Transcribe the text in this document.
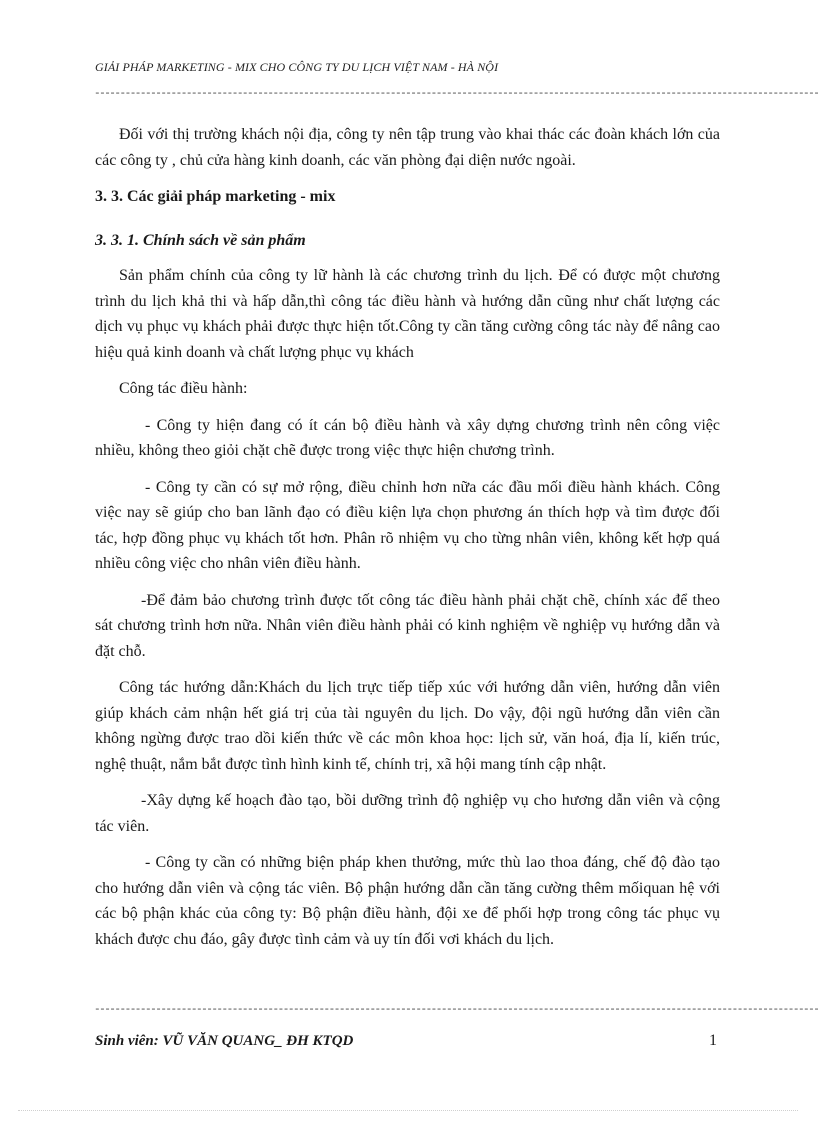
GIẢI PHÁP MARKETING - MIX CHO CÔNG TY DU LỊCH VIỆT NAM - HÀ NỘI
----------------------------------------------------------------------------------------------------------------------------------------------

Đối với thị trường khách nội địa, công ty nên tập trung vào khai thác các đoàn khách lớn của các công ty , chủ cửa hàng kinh doanh, các văn phòng đại diện nước ngoài.

3. 3. Các giải pháp marketing - mix

3. 3. 1. Chính sách về sản phẩm

Sản phẩm chính của công ty lữ hành là các chương trình du lịch. Để có được một chương trình du lịch khả thi và hấp dẫn,thì công tác điều hành và hướng dẫn cũng như chất lượng các dịch vụ phục vụ khách phải được thực hiện tốt.Công ty cần tăng cường công tác này để nâng cao hiệu quả kinh doanh và chất lượng phục vụ khách

Công tác điều hành:

- Công ty hiện đang có ít cán bộ điều hành và xây dựng chương trình nên công việc nhiều, không theo giỏi chặt chẽ được trong việc thực hiện chương trình.

- Công ty cần có sự mở rộng, điều chỉnh hơn nữa các đầu mối điều hành khách. Công việc nay sẽ giúp cho ban lãnh đạo có điều kiện lựa chọn phương án thích hợp và tìm được đối tác, hợp đồng phục vụ khách tốt hơn. Phân rõ nhiệm vụ cho từng nhân viên, không kết hợp quá nhiều công việc cho nhân viên điều hành.

-Để đảm bảo chương trình được tốt công tác điều hành phải chặt chẽ, chính xác để theo sát chương trình hơn nữa. Nhân viên điều hành phải có kinh nghiệm về nghiệp vụ hướng dẫn và đặt chỗ.

Công tác hướng dẫn:Khách du lịch trực tiếp tiếp xúc với hướng dẫn viên, hướng dẫn viên giúp khách cảm nhận hết giá trị của tài nguyên du lịch. Do vậy, đội ngũ hướng dẫn viên cần không ngừng được trao dồi kiến thức về các môn khoa học: lịch sử, văn hoá, địa lí, kiến trúc, nghệ thuật, nắm bắt được tình hình kinh tế, chính trị, xã hội mang tính cập nhật.

-Xây dựng kế hoạch đào tạo, bồi dưỡng trình độ nghiệp vụ cho hương dẫn viên và cộng tác viên.

- Công ty cần có những biện pháp khen thưởng, mức thù lao thoa đáng, chế độ đào tạo cho hướng dẫn viên và cộng tác viên. Bộ phận hướng dẫn cần tăng cường thêm mốiquan hệ với các bộ phận khác của công ty: Bộ phận điều hành, đội xe để phối hợp trong công tác phục vụ khách được chu đáo, gây được tình cảm và uy tín đối vơi khách du lịch.

----------------------------------------------------------------------------------------------------------------------------------------------
Sinh viên: VŨ VĂN QUANG_ ĐH KTQD	1
